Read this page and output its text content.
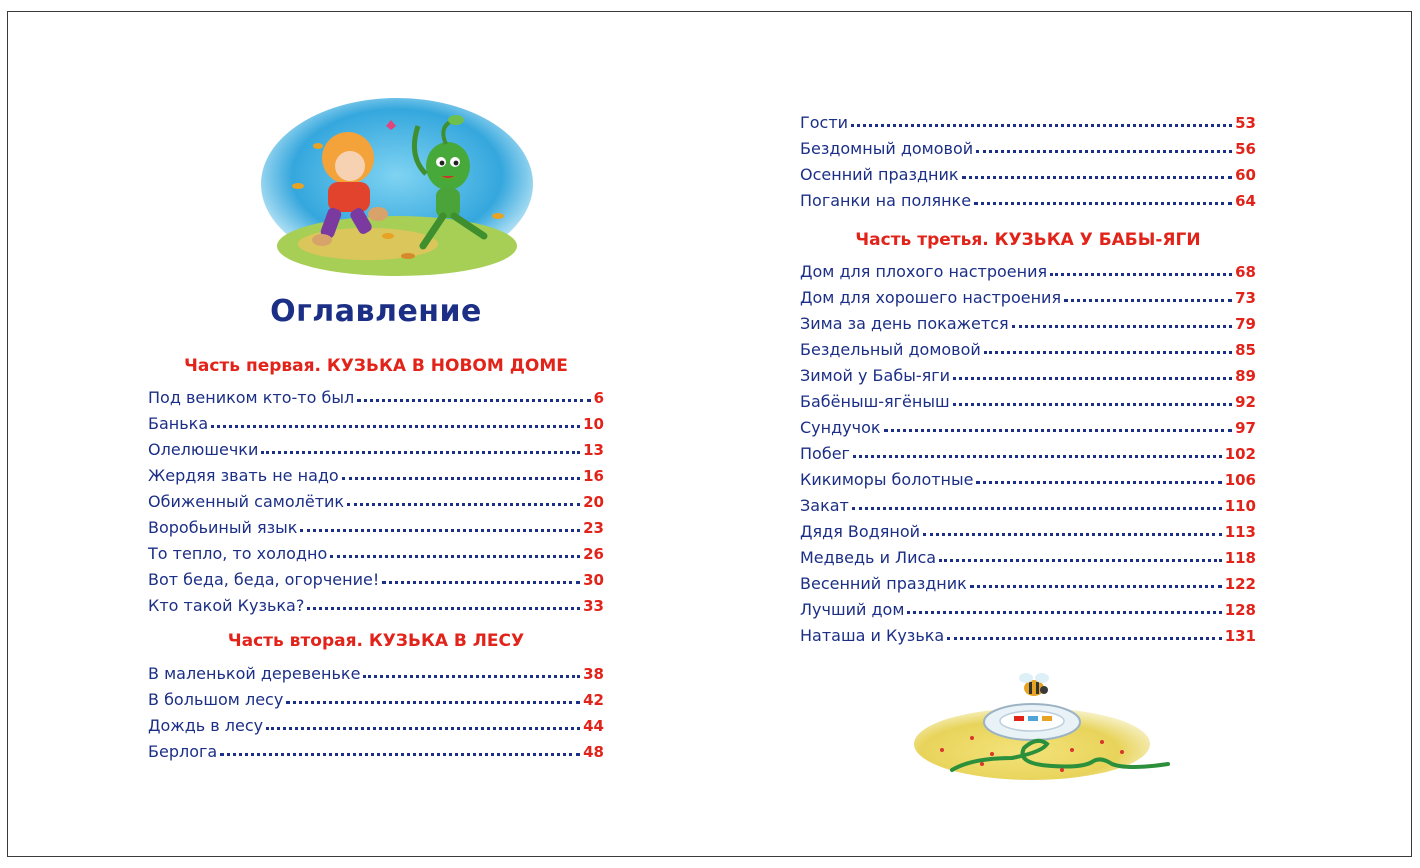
Оглавление
Часть первая. КУЗЬКА В НОВОМ ДОМЕ
Под веником кто-то был	6
Банька	10
Олелюшечки	13
Жердяя звать не надо	16
Обиженный самолётик	20
Воробьиный язык	23
То тепло, то холодно	26
Вот беда, беда, огорчение!	30
Кто такой Кузька?	33
Часть вторая. КУЗЬКА В ЛЕСУ
В маленькой деревеньке	38
В большом лесу	42
Дождь в лесу	44
Берлога	48
Гости	53
Бездомный домовой	56
Осенний праздник	60
Поганки на полянке	64
Часть третья. КУЗЬКА У БАБЫ-ЯГИ
Дом для плохого настроения	68
Дом для хорошего настроения	73
Зима за день покажется	79
Бездельный домовой	85
Зимой у Бабы-яги	89
Бабёныш-ягёныш	92
Сундучок	97
Побег	102
Кикиморы болотные	106
Закат	110
Дядя Водяной	113
Медведь и Лиса	118
Весенний праздник	122
Лучший дом	128
Наташа и Кузька	131
